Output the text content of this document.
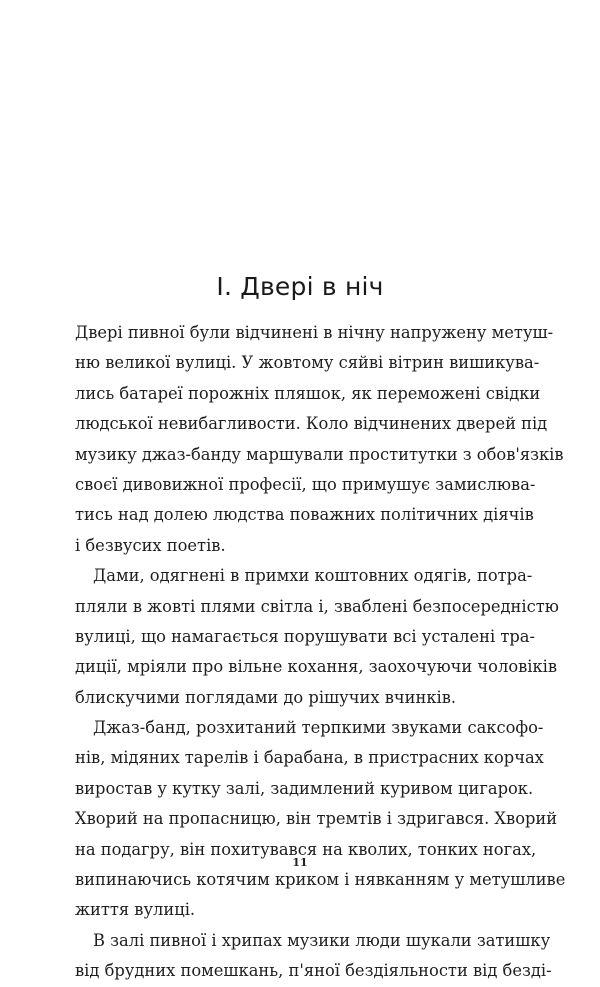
I. Двері в ніч
Двері пивної були відчинені в нічну напружену метуш-
ню великої вулиці. У жовтому сяйві вітрин вишикува-
лись батареї порожніх пляшок, як переможені свідки
людської невибагливости. Коло відчинених дверей під
музику джаз-банду маршували проститутки з обов'язків
своєї дивовижної професії, що примушує замислюва-
тись над долею людства поважних політичних діячів
і безвусих поетів.
Дами, одягнені в примхи коштовних одягів, потра-
пляли в жовті плями світла і, зваблені безпосередністю
вулиці, що намагається порушувати всі усталені тра-
диції, мріяли про вільне кохання, заохочуючи чоловіків
блискучими поглядами до рішучих вчинків.
Джаз-банд, розхитаний терпкими звуками саксофо-
нів, мідяних тарелів і барабана, в пристрасних корчах
виростав у кутку залі, задимлений куривом цигарок.
Хворий на пропасницю, він тремтів і здригався. Хворий
на подагру, він похитувався на кволих, тонких ногах,
випинаючись котячим криком і нявканням у метушливе
життя вулиці.
В залі пивної і хрипах музики люди шукали затишку
від брудних помешкань, п'яної бездіяльности від безді-
11
